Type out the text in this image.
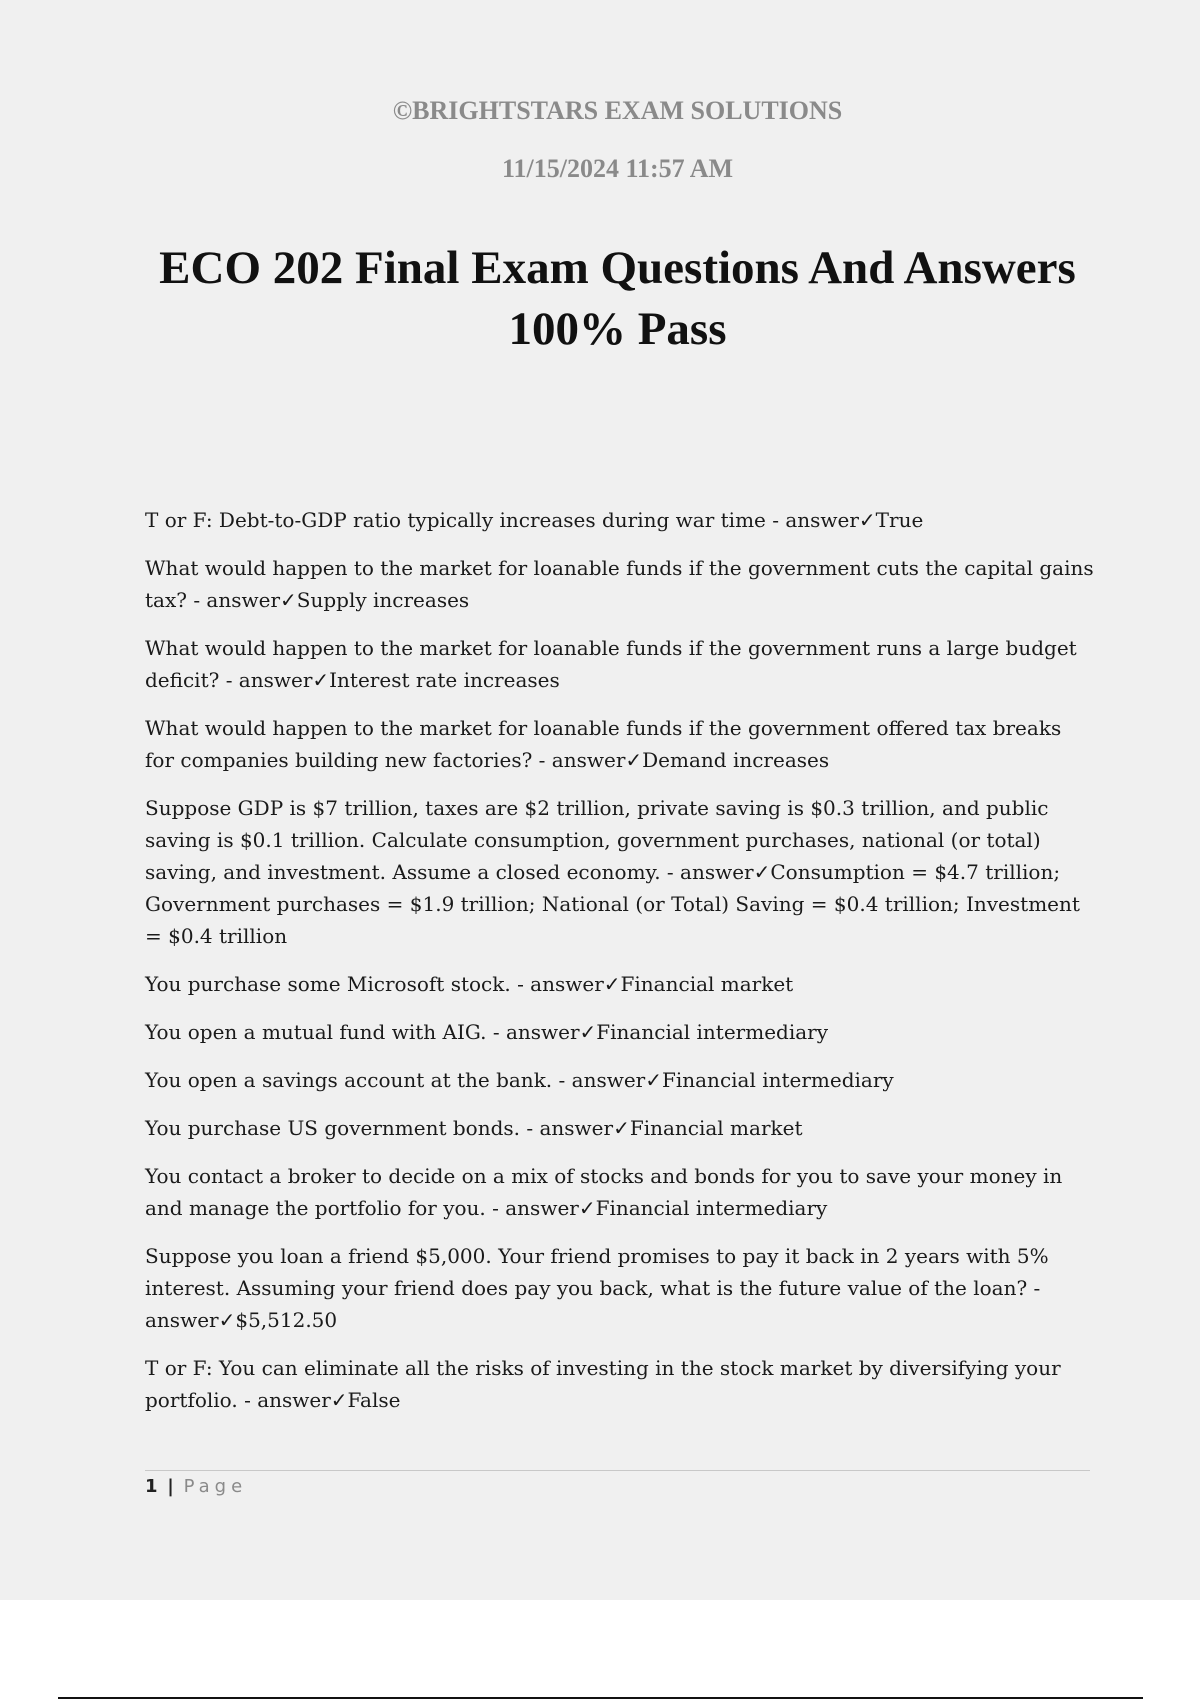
©BRIGHTSTARS EXAM SOLUTIONS
11/15/2024 11:57 AM
ECO 202 Final Exam Questions And Answers 100% Pass

T or F: Debt-to-GDP ratio typically increases during war time - answer✓True

What would happen to the market for loanable funds if the government cuts the capital gains tax? - answer✓Supply increases

What would happen to the market for loanable funds if the government runs a large budget deficit? - answer✓Interest rate increases

What would happen to the market for loanable funds if the government offered tax breaks for companies building new factories? - answer✓Demand increases

Suppose GDP is $7 trillion, taxes are $2 trillion, private saving is $0.3 trillion, and public saving is $0.1 trillion. Calculate consumption, government purchases, national (or total) saving, and investment. Assume a closed economy. - answer✓Consumption = $4.7 trillion; Government purchases = $1.9 trillion; National (or Total) Saving = $0.4 trillion; Investment = $0.4 trillion

You purchase some Microsoft stock. - answer✓Financial market

You open a mutual fund with AIG. - answer✓Financial intermediary

You open a savings account at the bank. - answer✓Financial intermediary

You purchase US government bonds. - answer✓Financial market

You contact a broker to decide on a mix of stocks and bonds for you to save your money in and manage the portfolio for you. - answer✓Financial intermediary

Suppose you loan a friend $5,000. Your friend promises to pay it back in 2 years with 5% interest. Assuming your friend does pay you back, what is the future value of the loan? - answer✓$5,512.50

T or F: You can eliminate all the risks of investing in the stock market by diversifying your portfolio. - answer✓False

1 | Page
